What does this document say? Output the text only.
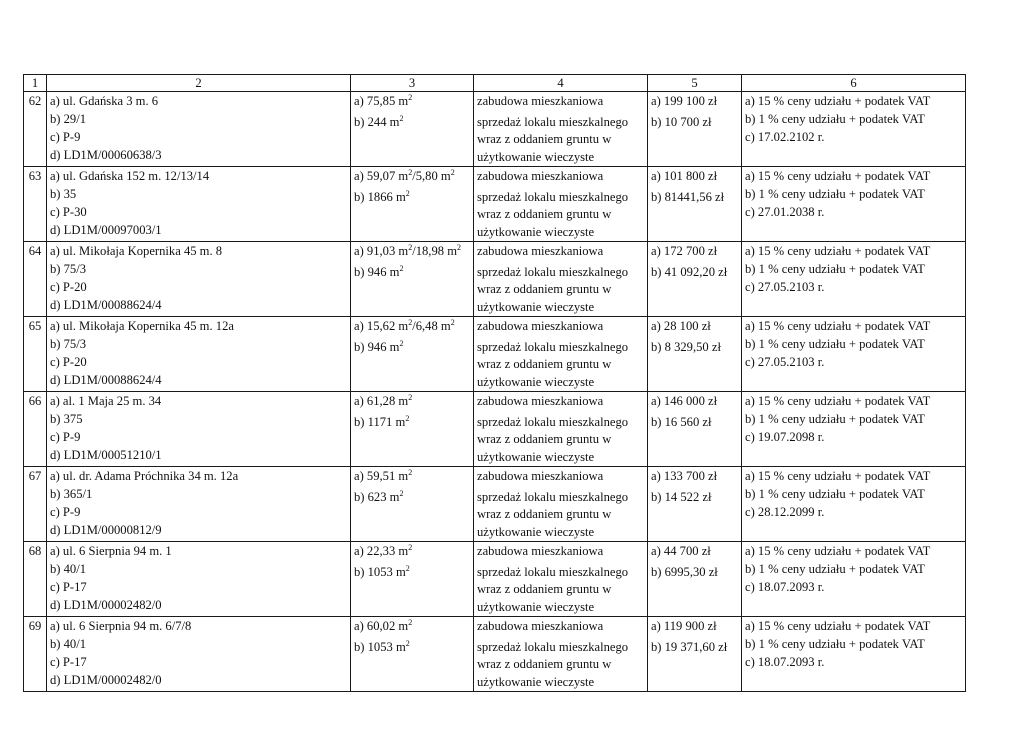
1	2	3	4	5	6

62	a) ul. Gdańska 3 m. 6
b) 29/1
c) P-9
d) LD1M/00060638/3	a) 75,85 $m^2$
b) 244 $m^2$	zabudowa mieszkaniowa
sprzedaż lokalu mieszkalnego
wraz z oddaniem gruntu w
użytkowanie wieczyste	a) 199 100 zł
b) 10 700 zł	a) 15 % ceny udziału + podatek VAT
b) 1 % ceny udziału + podatek VAT
c) 17.02.2102 r.

63	a) ul. Gdańska 152 m. 12/13/14
b) 35
c) P-30
d) LD1M/00097003/1	a) 59,07 $m^2/5,80$ $m^2$
b) 1866 $m^2$	zabudowa mieszkaniowa
sprzedaż lokalu mieszkalnego
wraz z oddaniem gruntu w
użytkowanie wieczyste	a) 101 800 zł
b) 81441,56 zł	a) 15 % ceny udziału + podatek VAT
b) 1 % ceny udziału + podatek VAT
c) 27.01.2038 r.

64	a) ul. Mikołaja Kopernika 45 m. 8
b) 75/3
c) P-20
d) LD1M/00088624/4	a) 91,03 $m^2/18,98$ $m^2$
b) 946 $m^2$	zabudowa mieszkaniowa
sprzedaż lokalu mieszkalnego
wraz z oddaniem gruntu w
użytkowanie wieczyste	a) 172 700 zł
b) 41 092,20 zł	a) 15 % ceny udziału + podatek VAT
b) 1 % ceny udziału + podatek VAT
c) 27.05.2103 r.

65	a) ul. Mikołaja Kopernika 45 m. 12a
b) 75/3
c) P-20
d) LD1M/00088624/4	a) 15,62 $m^2/6,48$ $m^2$
b) 946 $m^2$	zabudowa mieszkaniowa
sprzedaż lokalu mieszkalnego
wraz z oddaniem gruntu w
użytkowanie wieczyste	a) 28 100 zł
b) 8 329,50 zł	a) 15 % ceny udziału + podatek VAT
b) 1 % ceny udziału + podatek VAT
c) 27.05.2103 r.

66	a) al. 1 Maja 25 m. 34
b) 375
c) P-9
d) LD1M/00051210/1	a) 61,28 $m^2$
b) 1171 $m^2$	zabudowa mieszkaniowa
sprzedaż lokalu mieszkalnego
wraz z oddaniem gruntu w
użytkowanie wieczyste	a) 146 000 zł
b) 16 560 zł	a) 15 % ceny udziału + podatek VAT
b) 1 % ceny udziału + podatek VAT
c) 19.07.2098 r.

67	a) ul. dr. Adama Próchnika 34 m. 12a
b) 365/1
c) P-9
d) LD1M/00000812/9	a) 59,51 $m^2$
b) 623 $m^2$	zabudowa mieszkaniowa
sprzedaż lokalu mieszkalnego
wraz z oddaniem gruntu w
użytkowanie wieczyste	a) 133 700 zł
b) 14 522 zł	a) 15 % ceny udziału + podatek VAT
b) 1 % ceny udziału + podatek VAT
c) 28.12.2099 r.

68	a) ul. 6 Sierpnia 94 m. 1
b) 40/1
c) P-17
d) LD1M/00002482/0	a) 22,33 $m^2$
b) 1053 $m^2$	zabudowa mieszkaniowa
sprzedaż lokalu mieszkalnego
wraz z oddaniem gruntu w
użytkowanie wieczyste	a) 44 700 zł
b) 6995,30 zł	a) 15 % ceny udziału + podatek VAT
b) 1 % ceny udziału + podatek VAT
c) 18.07.2093 r.

69	a) ul. 6 Sierpnia 94 m. 6/7/8
b) 40/1
c) P-17
d) LD1M/00002482/0	a) 60,02 $m^2$
b) 1053 $m^2$	zabudowa mieszkaniowa
sprzedaż lokalu mieszkalnego
wraz z oddaniem gruntu w
użytkowanie wieczyste	a) 119 900 zł
b) 19 371,60 zł	a) 15 % ceny udziału + podatek VAT
b) 1 % ceny udziału + podatek VAT
c) 18.07.2093 r.
